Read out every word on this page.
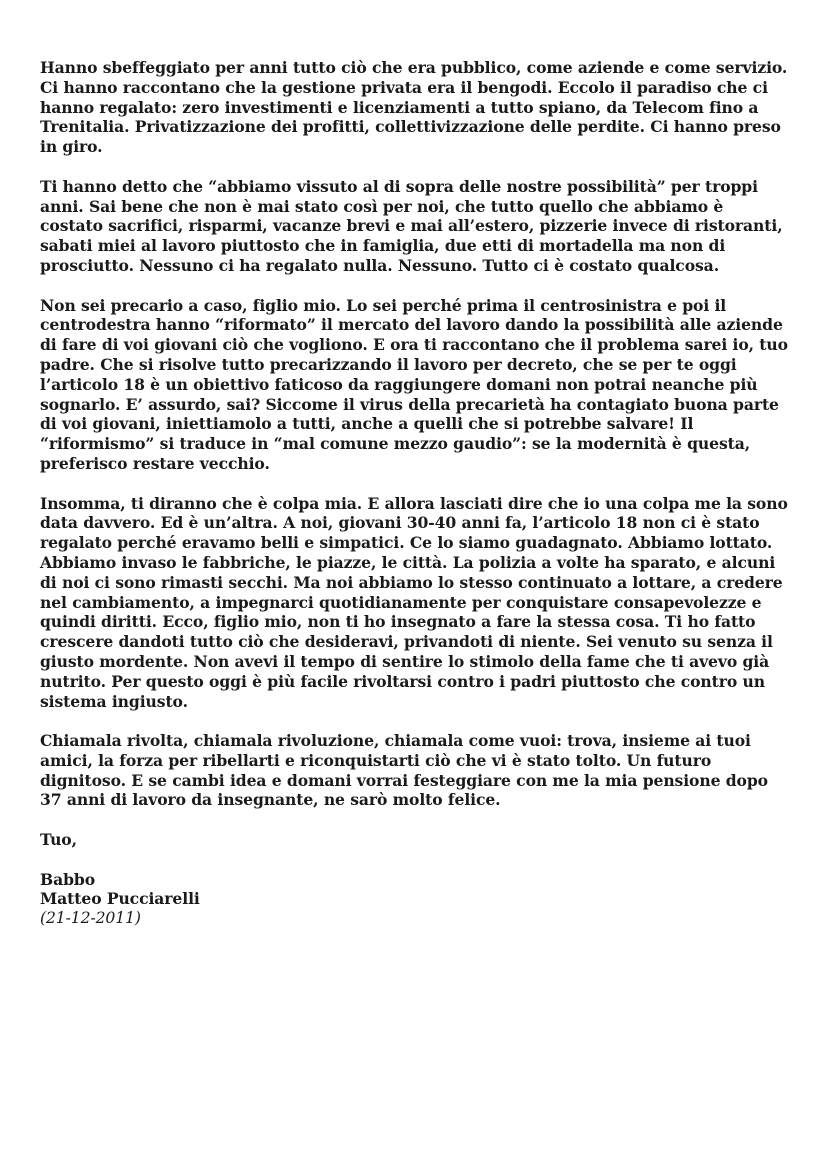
Hanno sbeffeggiato per anni tutto ciò che era pubblico, come aziende e come servizio. Ci hanno raccontano che la gestione privata era il bengodi. Eccolo il paradiso che ci hanno regalato: zero investimenti e licenziamenti a tutto spiano, da Telecom fino a Trenitalia. Privatizzazione dei profitti, collettivizzazione delle perdite. Ci hanno preso in giro.

Ti hanno detto che “abbiamo vissuto al di sopra delle nostre possibilità” per troppi anni. Sai bene che non è mai stato così per noi, che tutto quello che abbiamo è costato sacrifici, risparmi, vacanze brevi e mai all’estero, pizzerie invece di ristoranti, sabati miei al lavoro piuttosto che in famiglia, due etti di mortadella ma non di prosciutto. Nessuno ci ha regalato nulla. Nessuno. Tutto ci è costato qualcosa.

Non sei precario a caso, figlio mio. Lo sei perché prima il centrosinistra e poi il centrodestra hanno “riformato” il mercato del lavoro dando la possibilità alle aziende di fare di voi giovani ciò che vogliono. E ora ti raccontano che il problema sarei io, tuo padre. Che si risolve tutto precarizzando il lavoro per decreto, che se per te oggi l’articolo 18 è un obiettivo faticoso da raggiungere domani non potrai neanche più sognarlo. E’ assurdo, sai? Siccome il virus della precarietà ha contagiato buona parte di voi giovani, iniettiamolo a tutti, anche a quelli che si potrebbe salvare! Il “riformismo” si traduce in “mal comune mezzo gaudio”: se la modernità è questa, preferisco restare vecchio.

Insomma, ti diranno che è colpa mia. E allora lasciati dire che io una colpa me la sono data davvero. Ed è un’altra. A noi, giovani 30-40 anni fa, l’articolo 18 non ci è stato regalato perché eravamo belli e simpatici. Ce lo siamo guadagnato. Abbiamo lottato. Abbiamo invaso le fabbriche, le piazze, le città. La polizia a volte ha sparato, e alcuni di noi ci sono rimasti secchi. Ma noi abbiamo lo stesso continuato a lottare, a credere nel cambiamento, a impegnarci quotidianamente per conquistare consapevolezze e quindi diritti. Ecco, figlio mio, non ti ho insegnato a fare la stessa cosa. Ti ho fatto crescere dandoti tutto ciò che desideravi, privandoti di niente. Sei venuto su senza il giusto mordente. Non avevi il tempo di sentire lo stimolo della fame che ti avevo già nutrito. Per questo oggi è più facile rivoltarsi contro i padri piuttosto che contro un sistema ingiusto.

Chiamala rivolta, chiamala rivoluzione, chiamala come vuoi: trova, insieme ai tuoi amici, la forza per ribellarti e riconquistarti ciò che vi è stato tolto. Un futuro dignitoso. E se cambi idea e domani vorrai festeggiare con me la mia pensione dopo 37 anni di lavoro da insegnante, ne sarò molto felice.

Tuo,

Babbo

Matteo Pucciarelli

(21-12-2011)
